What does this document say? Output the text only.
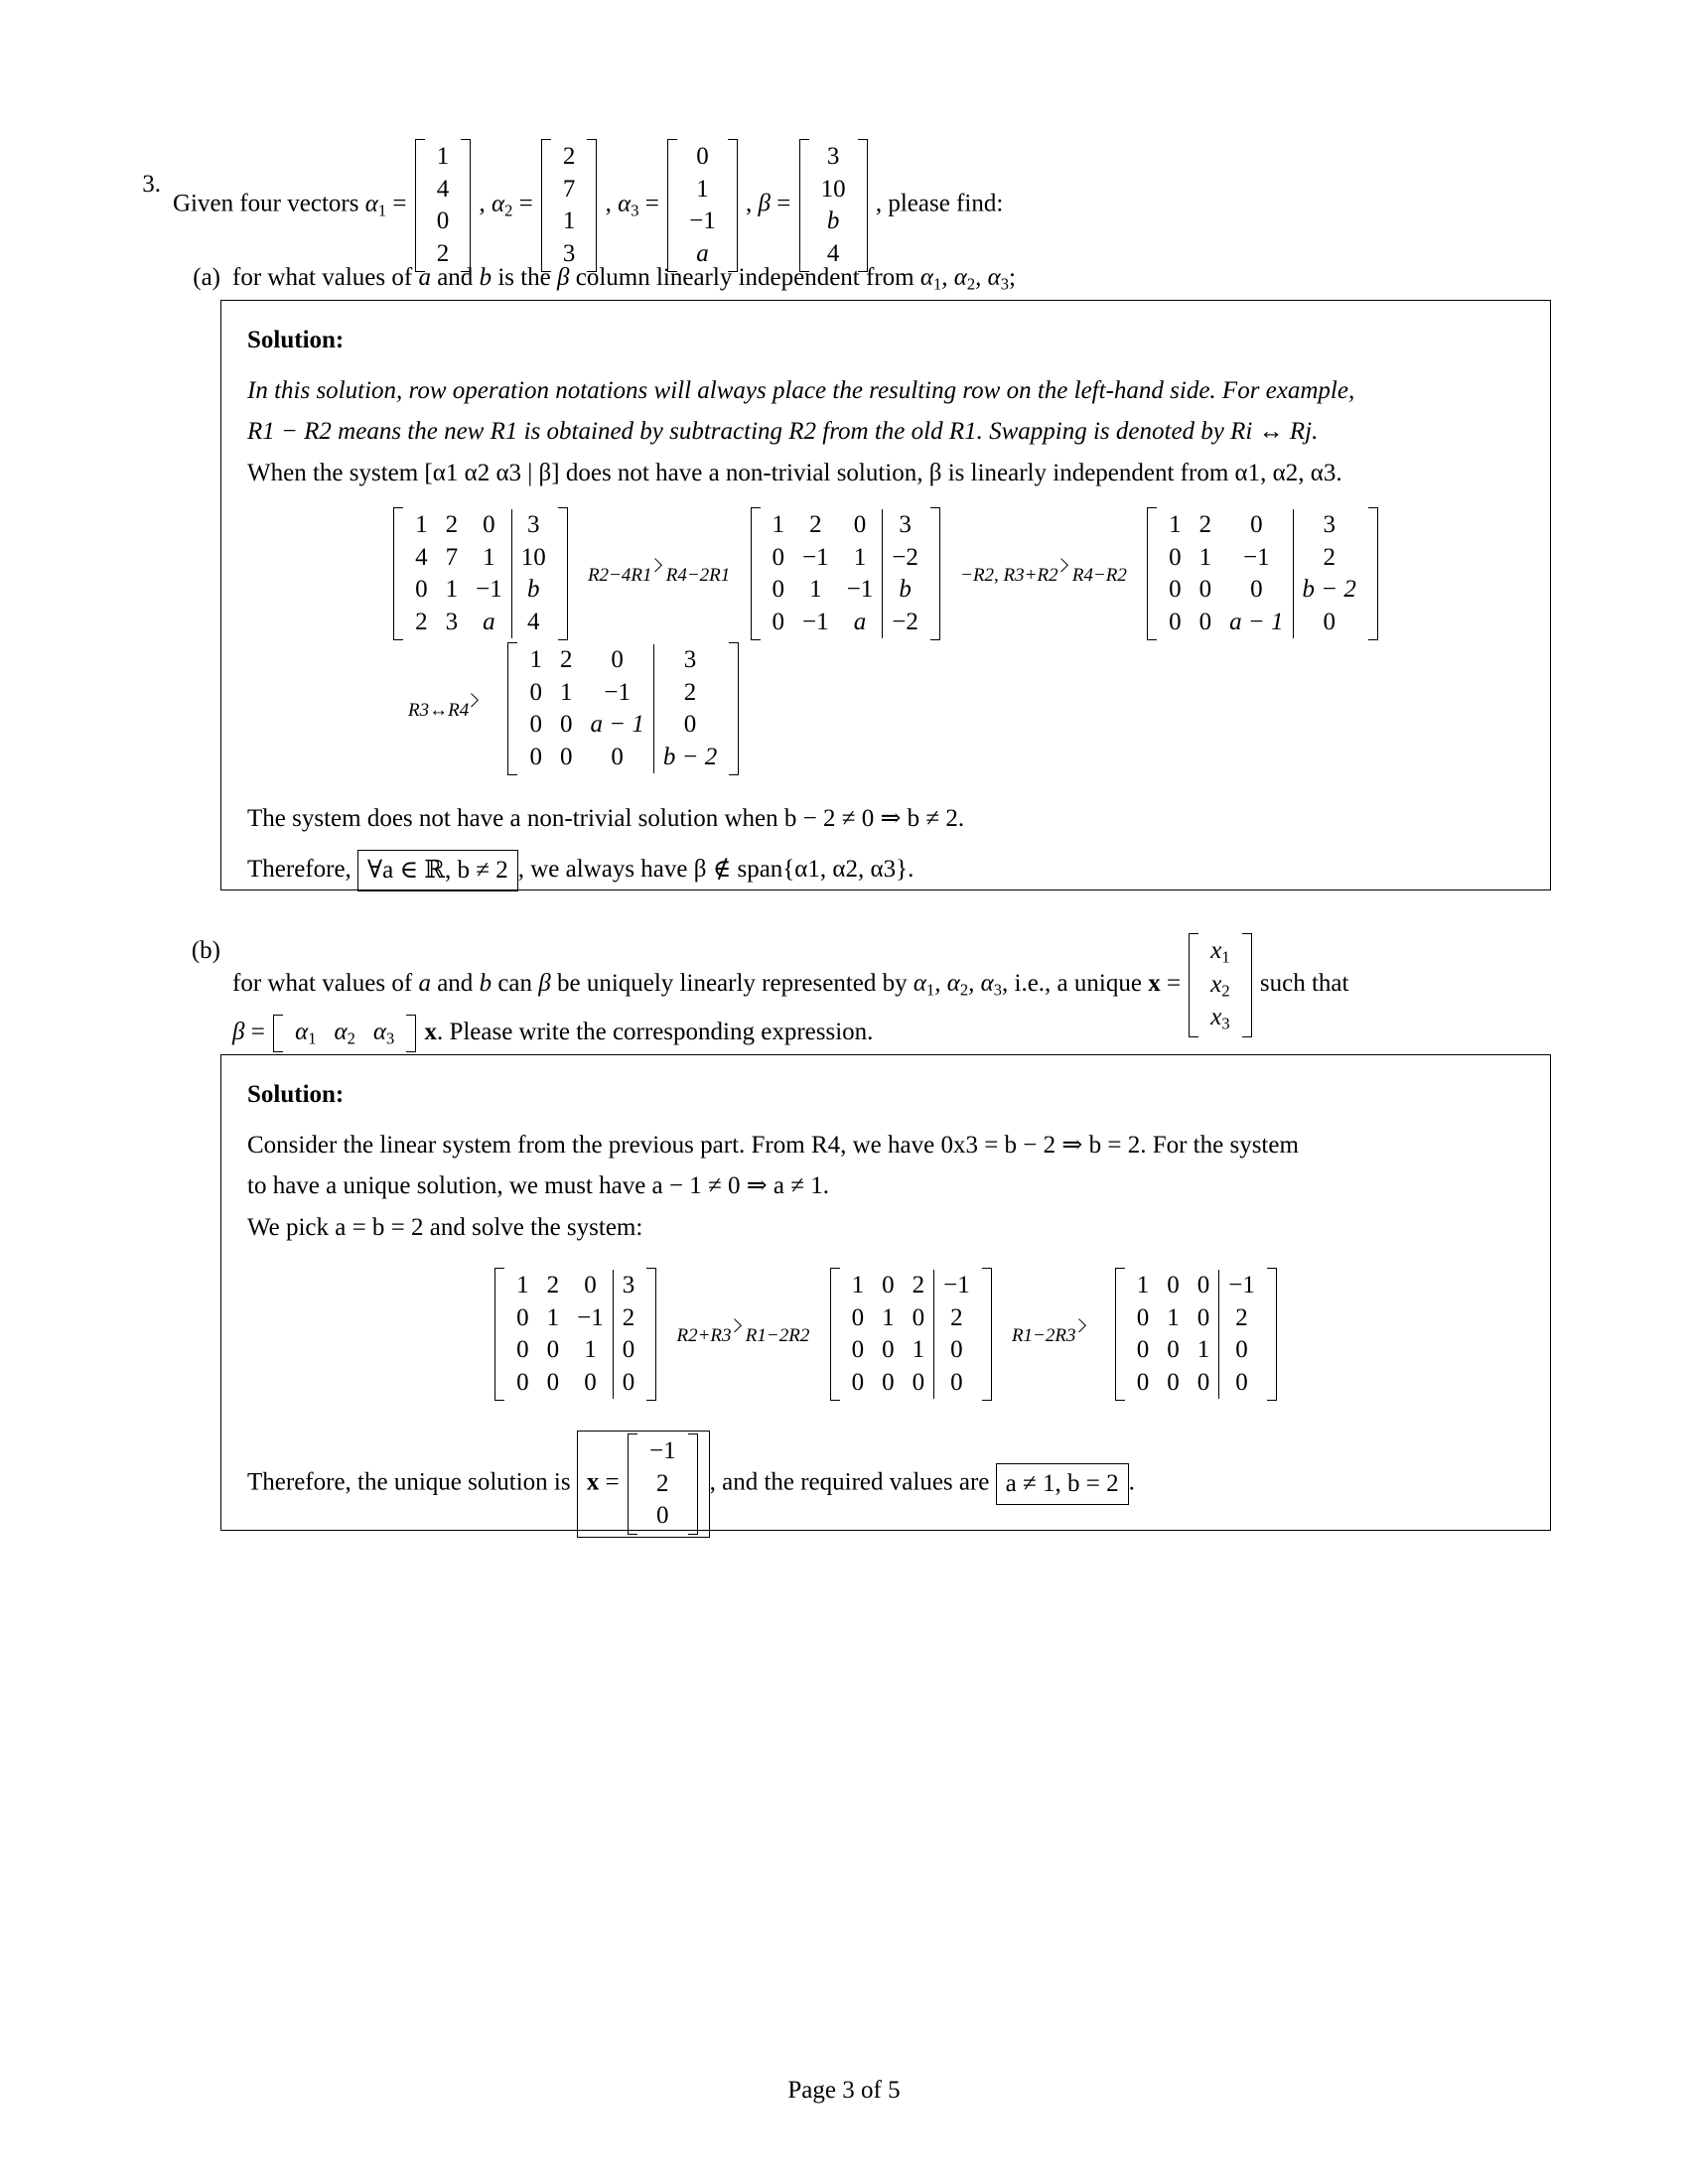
3.
Given four vectors $\alpha_1$ =
1
4
0
2
, $\alpha_2$ =
2
7
1
3
, $\alpha_3$ =
0
1
−1
a
, β =
3
10
b
4
, please find:
(a) for what values of a and b is the β column linearly independent from $\alpha_1$, $\alpha_2$, $\alpha_3$;
Solution:
In this solution, row operation notations will always place the resulting row on the left-hand side. For example,
R1 − R2 means the new R1 is obtained by subtracting R2 from the old R1. Swapping is denoted by Ri ↔ Rj.
When the system [α1 α2 α3 | β] does not have a non-trivial solution, β is linearly independent from α1, α2, α3.
1	2	0	3
4	7	1	10
0	1	−1	b
2	3	a	4
R2−4R1 R4−2R1
1	2	0	3
0	−1	1	−2
0	1	−1	b
0	−1	a	−2
−R2, R3+R2 R4−R2
1	2	0	3
0	1	−1	2
0	0	0	b − 2
0	0	a − 1	0
R3↔R4
1	2	0	3
0	1	−1	2
0	0	a − 1	0
0	0	0	b − 2
The system does not have a non-trivial solution when b − 2 ≠ 0 ⇒ b ≠ 2.
Therefore, ∀a ∈ ℝ, b ≠ 2 , we always have β ∉ span{α1, α2, α3}.
(b)
for what values of a and b can β be uniquely linearly represented by $\alpha_1$, $\alpha_2$, $\alpha_3$, i.e., a unique x =
$x_1$
$x_2$
$x_3$
such that
$\beta = \alpha_1$	$\alpha_2$	$\alpha_3$ x. Please write the corresponding expression.
Solution:
Consider the linear system from the previous part. From R4, we have 0x3 = b − 2 ⇒ b = 2. For the system
to have a unique solution, we must have a − 1 ≠ 0 ⇒ a ≠ 1.
We pick a = b = 2 and solve the system:
1	2	0	3
0	1	−1	2
0	0	1	0
0	0	0	0
R2+R3 R1−2R2
1	0	2	−1
0	1	0	2
0	0	1	0
0	0	0	0
R1−2R3
1	0	0	−1
0	1	0	2
0	0	1	0
0	0	0	0
Therefore, the unique solution is x =
−1
2
0
, and the required values are a ≠ 1, b = 2 .
Page 3 of 5
